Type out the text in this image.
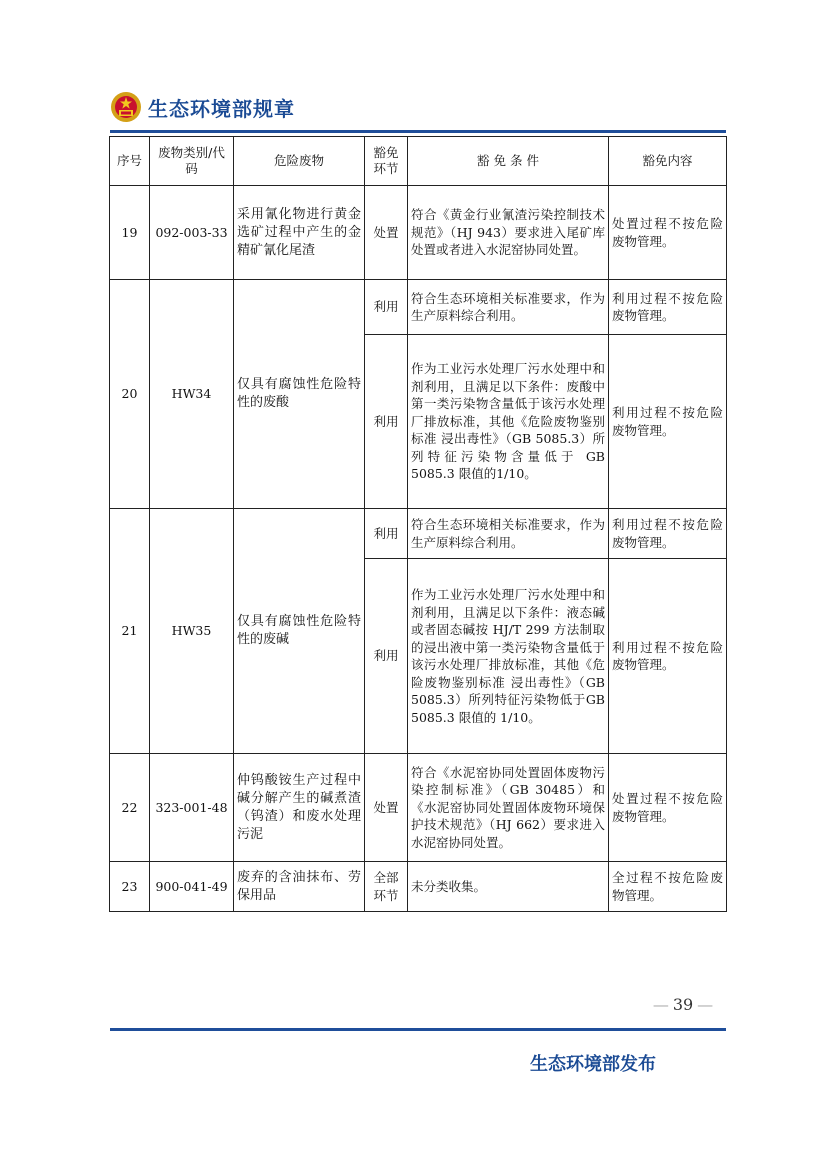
生态环境部规章
序号	废物类别/代码	危险废物	豁免环节	豁 免 条 件	豁免内容
19	092-003-33	采用氰化物进行黄金选矿过程中产生的金精矿氰化尾渣	处置	符合《黄金行业氰渣污染控制技术规范》（HJ 943）要求进入尾矿库处置或者进入水泥窑协同处置。	处置过程不按危险废物管理。
20	HW34	仅具有腐蚀性危险特性的废酸	利用	符合生态环境相关标准要求，作为生产原料综合利用。	利用过程不按危险废物管理。
			利用	作为工业污水处理厂污水处理中和剂利用，且满足以下条件：废酸中第一类污染物含量低于该污水处理厂排放标准，其他《危险废物鉴别标准 浸出毒性》（GB 5085.3）所列特征污染物含量低于 GB 5085.3 限值的1/10。	利用过程不按危险废物管理。
21	HW35	仅具有腐蚀性危险特性的废碱	利用	符合生态环境相关标准要求，作为生产原料综合利用。	利用过程不按危险废物管理。
			利用	作为工业污水处理厂污水处理中和剂利用，且满足以下条件：液态碱或者固态碱按 HJ/T 299 方法制取的浸出液中第一类污染物含量低于该污水处理厂排放标准，其他《危险废物鉴别标准 浸出毒性》（GB 5085.3）所列特征污染物低于GB 5085.3 限值的 1/10。	利用过程不按危险废物管理。
22	323-001-48	仲钨酸铵生产过程中碱分解产生的碱煮渣（钨渣）和废水处理污泥	处置	符合《水泥窑协同处置固体废物污染控制标准》（GB 30485）和《水泥窑协同处置固体废物环境保护技术规范》（HJ 662）要求进入水泥窑协同处置。	处置过程不按危险废物管理。
23	900-041-49	废弃的含油抹布、劳保用品	全部环节	未分类收集。	全过程不按危险废物管理。
— 39 —
生态环境部发布
